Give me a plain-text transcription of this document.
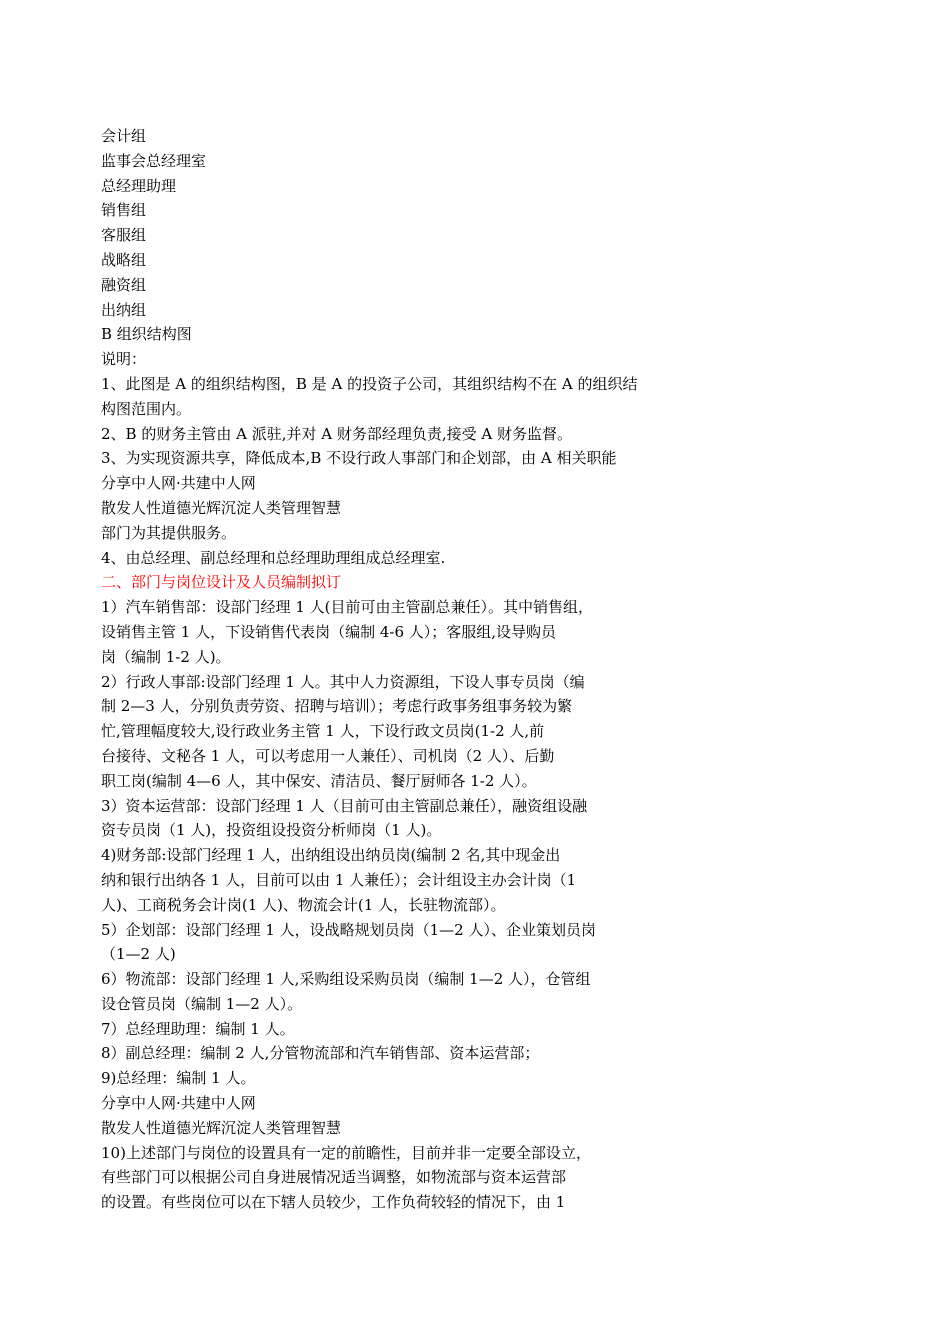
会计组
监事会总经理室
总经理助理
销售组
客服组
战略组
融资组
出纳组
B 组织结构图
说明：
1、此图是 A 的组织结构图，B 是 A 的投资子公司，其组织结构不在 A 的组织结
构图范围内。
2、B 的财务主管由 A 派驻,并对 A 财务部经理负责,接受 A 财务监督。
3、为实现资源共享，降低成本,B 不设行政人事部门和企划部，由 A 相关职能
分享中人网·共建中人网
散发人性道德光辉沉淀人类管理智慧
部门为其提供服务。
4、由总经理、副总经理和总经理助理组成总经理室.
二、部门与岗位设计及人员编制拟订
1）汽车销售部：设部门经理 1 人(目前可由主管副总兼任）。其中销售组，
设销售主管 1 人，下设销售代表岗（编制 4-6 人）；客服组,设导购员
岗（编制 1-2 人)。
2）行政人事部:设部门经理 1 人。其中人力资源组，下设人事专员岗（编
制 2—3 人，分别负责劳资、招聘与培训）；考虑行政事务组事务较为繁
忙,管理幅度较大,设行政业务主管 1 人，下设行政文员岗(1-2 人,前
台接待、文秘各 1 人，可以考虑用一人兼任）、司机岗（2 人）、后勤
职工岗(编制 4—6 人，其中保安、清洁员、餐厅厨师各 1-2 人）。
3）资本运营部：设部门经理 1 人（目前可由主管副总兼任），融资组设融
资专员岗（1 人)，投资组设投资分析师岗（1 人)。
4)财务部:设部门经理 1 人，出纳组设出纳员岗(编制 2 名,其中现金出
纳和银行出纳各 1 人，目前可以由 1 人兼任）；会计组设主办会计岗（1
人)、工商税务会计岗(1 人)、物流会计(1 人，长驻物流部）。
5）企划部：设部门经理 1 人，设战略规划员岗（1—2 人）、企业策划员岗
（1—2 人)
6）物流部：设部门经理 1 人,采购组设采购员岗（编制 1—2 人），仓管组
设仓管员岗（编制 1—2 人）。
7）总经理助理：编制 1 人。
8）副总经理：编制 2 人,分管物流部和汽车销售部、资本运营部；
9)总经理：编制 1 人。
分享中人网·共建中人网
散发人性道德光辉沉淀人类管理智慧
10)上述部门与岗位的设置具有一定的前瞻性，目前并非一定要全部设立，
有些部门可以根据公司自身进展情况适当调整，如物流部与资本运营部
的设置。有些岗位可以在下辖人员较少，工作负荷较轻的情况下，由 1
